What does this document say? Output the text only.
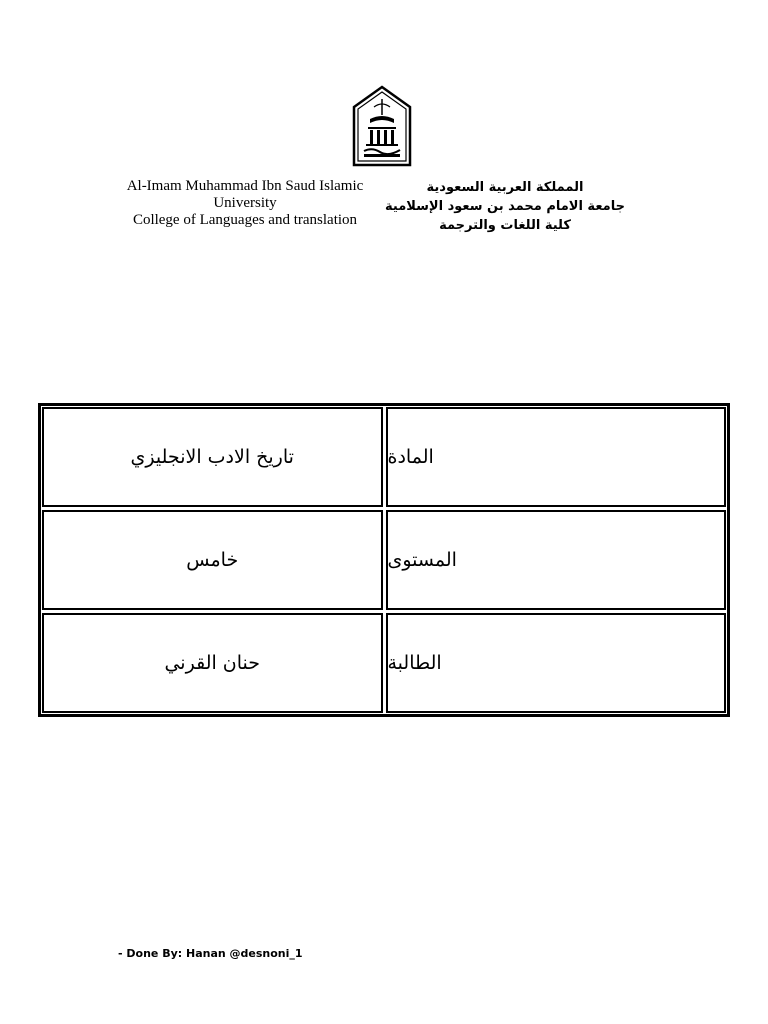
Al-Imam Muhammad Ibn Saud Islamic
University
College of Languages and translation
المملكة العربية السعودية
جامعة الامام محمد بن سعود الإسلامية
كلية اللغات والترجمة
تاريخ الادب الانجليزي	المادة
خامس	المستوى
حنان القرني	الطالبة
- Done By: Hanan @desnoni_1
